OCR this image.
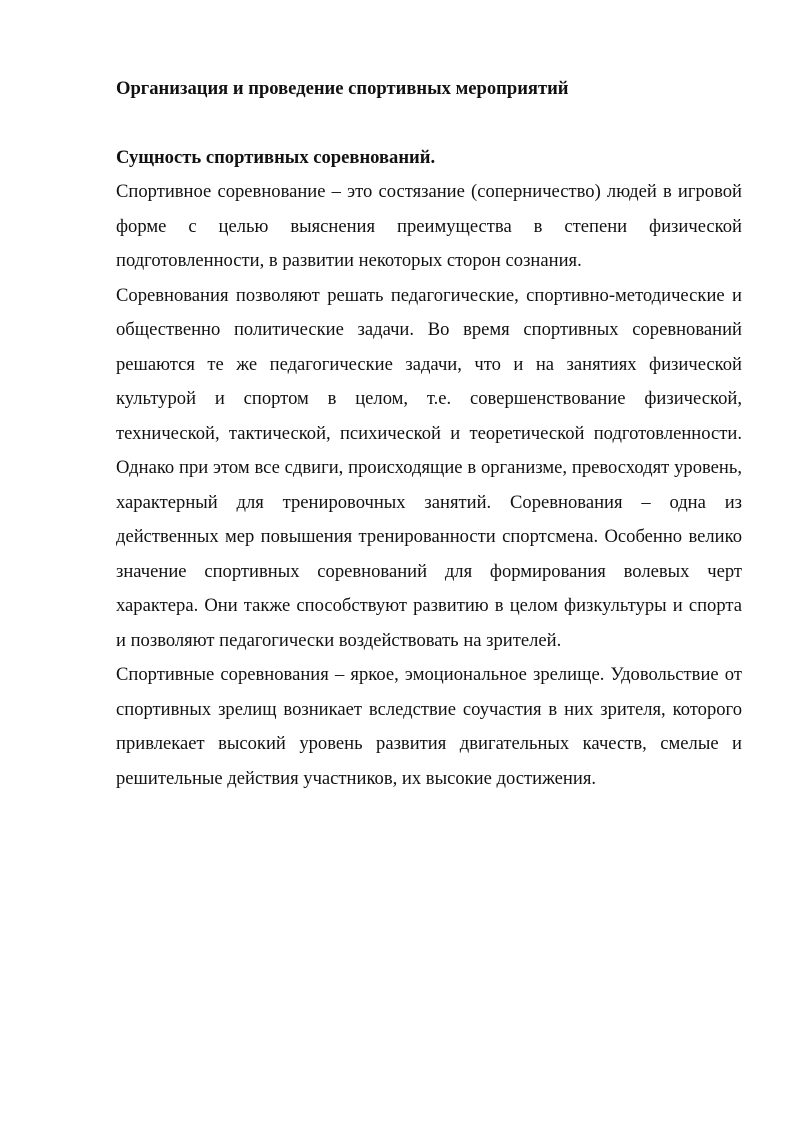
Организация и проведение спортивных мероприятий

Сущность спортивных соревнований.

Спортивное соревнование – это состязание (соперничество) людей в игровой форме с целью выяснения преимущества в степени физической подготовленности, в развитии некоторых сторон сознания.

Соревнования позволяют решать педагогические, спортивно-методические и общественно политические задачи. Во время спортивных соревнований решаются те же педагогические задачи, что и на занятиях физической культурой и спортом в целом, т.е. совершенствование физической, технической, тактической, психической и теоретической подготовленности. Однако при этом все сдвиги, происходящие в организме, превосходят уровень, характерный для тренировочных занятий. Соревнования – одна из действенных мер повышения тренированности спортсмена. Особенно велико значение спортивных соревнований для формирования волевых черт характера. Они также способствуют развитию в целом физкультуры и спорта и позволяют педагогически воздействовать на зрителей.

Спортивные соревнования – яркое, эмоциональное зрелище. Удовольствие от спортивных зрелищ возникает вследствие соучастия в них зрителя, которого привлекает высокий уровень развития двигательных качеств, смелые и решительные действия участников, их высокие достижения.
